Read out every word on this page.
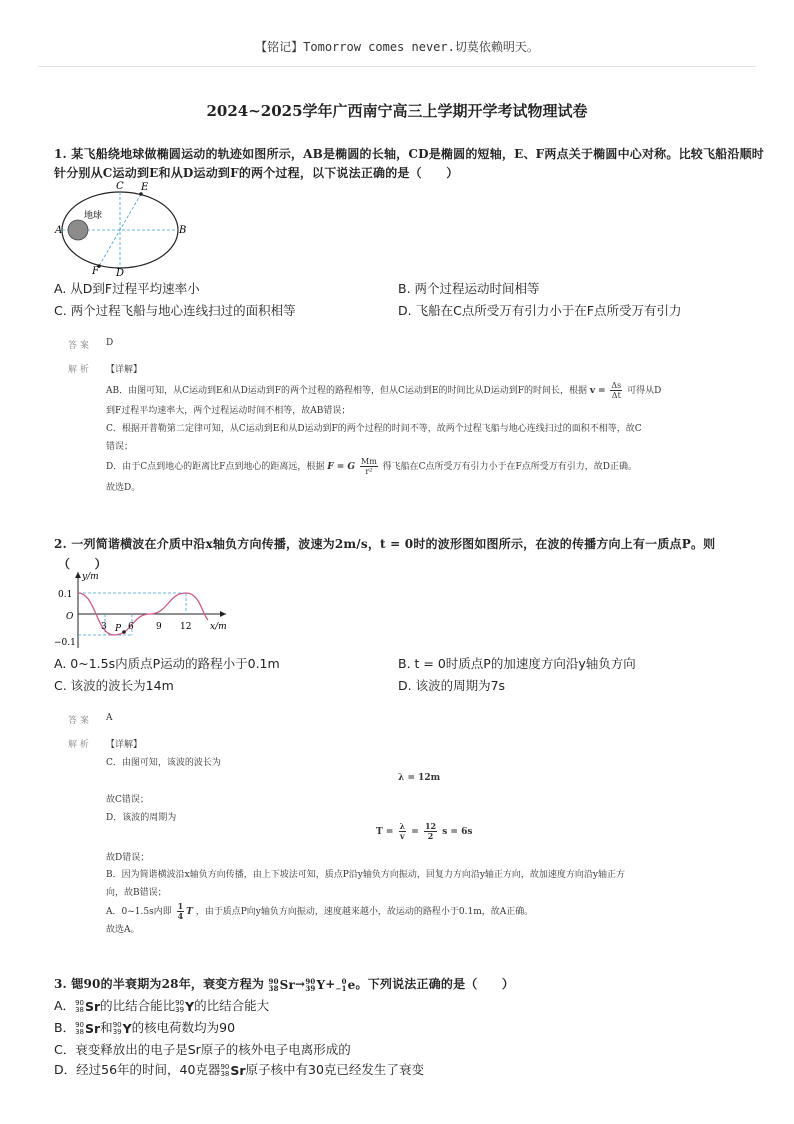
【铭记】Tomorrow comes never.切莫依赖明天。
2024~2025学年广西南宁高三上学期开学考试物理试卷
1. 某飞船绕地球做椭圆运动的轨迹如图所示，AB是椭圆的长轴，CD是椭圆的短轴，E、F两点关于椭圆中心对称。比较飞船沿顺时
针分别从C运动到E和从D运动到F的两个过程，以下说法正确的是（　　）
地球
A	B
C E
F D
A. 从D到F过程平均速率小	B. 两个过程运动时间相等
C. 两个过程飞船与地心连线扫过的面积相等	D. 飞船在C点所受万有引力小于在F点所受万有引力
答 案 D
解 析 【详解】
AB．由图可知，从C运动到E和从D运动到F的两个过程的路程相等，但从C运动到E的时间比从D运动到F的时间长，根据 $v = \frac{\Delta s}{\Delta t}$ 可得从D
到F过程平均速率大，两个过程运动时间不相等，故AB错误；
C．根据开普勒第二定律可知，从C运动到E和从D运动到F的两个过程的时间不等，故两个过程飞船与地心连线扫过的面积不相等，故C
错误；
D．由于C点到地心的距离比F点到地心的距离远，根据 F = G $\frac{Mm}{\text{r²}}$ 得飞船在C点所受万有引力小于在F点所受万有引力，故D正确。
故选D。
2. 一列简谐横波在介质中沿x轴负方向传播，波速为2m/s，t = 0时的波形图如图所示，在波的传播方向上有一质点P。则
（　　）
y/m
x/m
O
0.1
−0.1
3 6 9 12
P
A. 0~1.5s内质点P运动的路程小于0.1m	B. t = 0时质点P的加速度方向沿y轴负方向
C. 该波的波长为14m	D. 该波的周期为7s
答 案 A
解 析 【详解】
C．由图可知，该波的波长为
λ = 12m
故C错误；
D．该波的周期为
$T = \frac{\lambda}{v} = \frac{12}{2}$ s = 6s
故D错误；
B．因为简谐横波沿x轴负方向传播，由上下坡法可知，质点P沿y轴负方向振动，回复力方向沿y轴正方向，故加速度方向沿y轴正方
向，故B错误；
A．0~1.5s内即 $\frac{1}{4}$ T ，由于质点P向y轴负方向振动，速度越来越小，故运动的路程小于0.1m，故A正确。
故选A。
3. 锶90的半衰期为28年，衰变方程为 90
38 Sr → 90
39 Y + 0
−1 e 。下列说法正确的是（　　）
A． 90
38 Sr 的比结合能比 90
39 Y 的比结合能大
B． 90
38 Sr 和 90
39 Y 的核电荷数均为90
C．衰变释放出的电子是Sr原子的核外电子电离形成的
D．经过56年的时间，40克器 90
38 Sr 原子核中有30克已经发生了衰变
